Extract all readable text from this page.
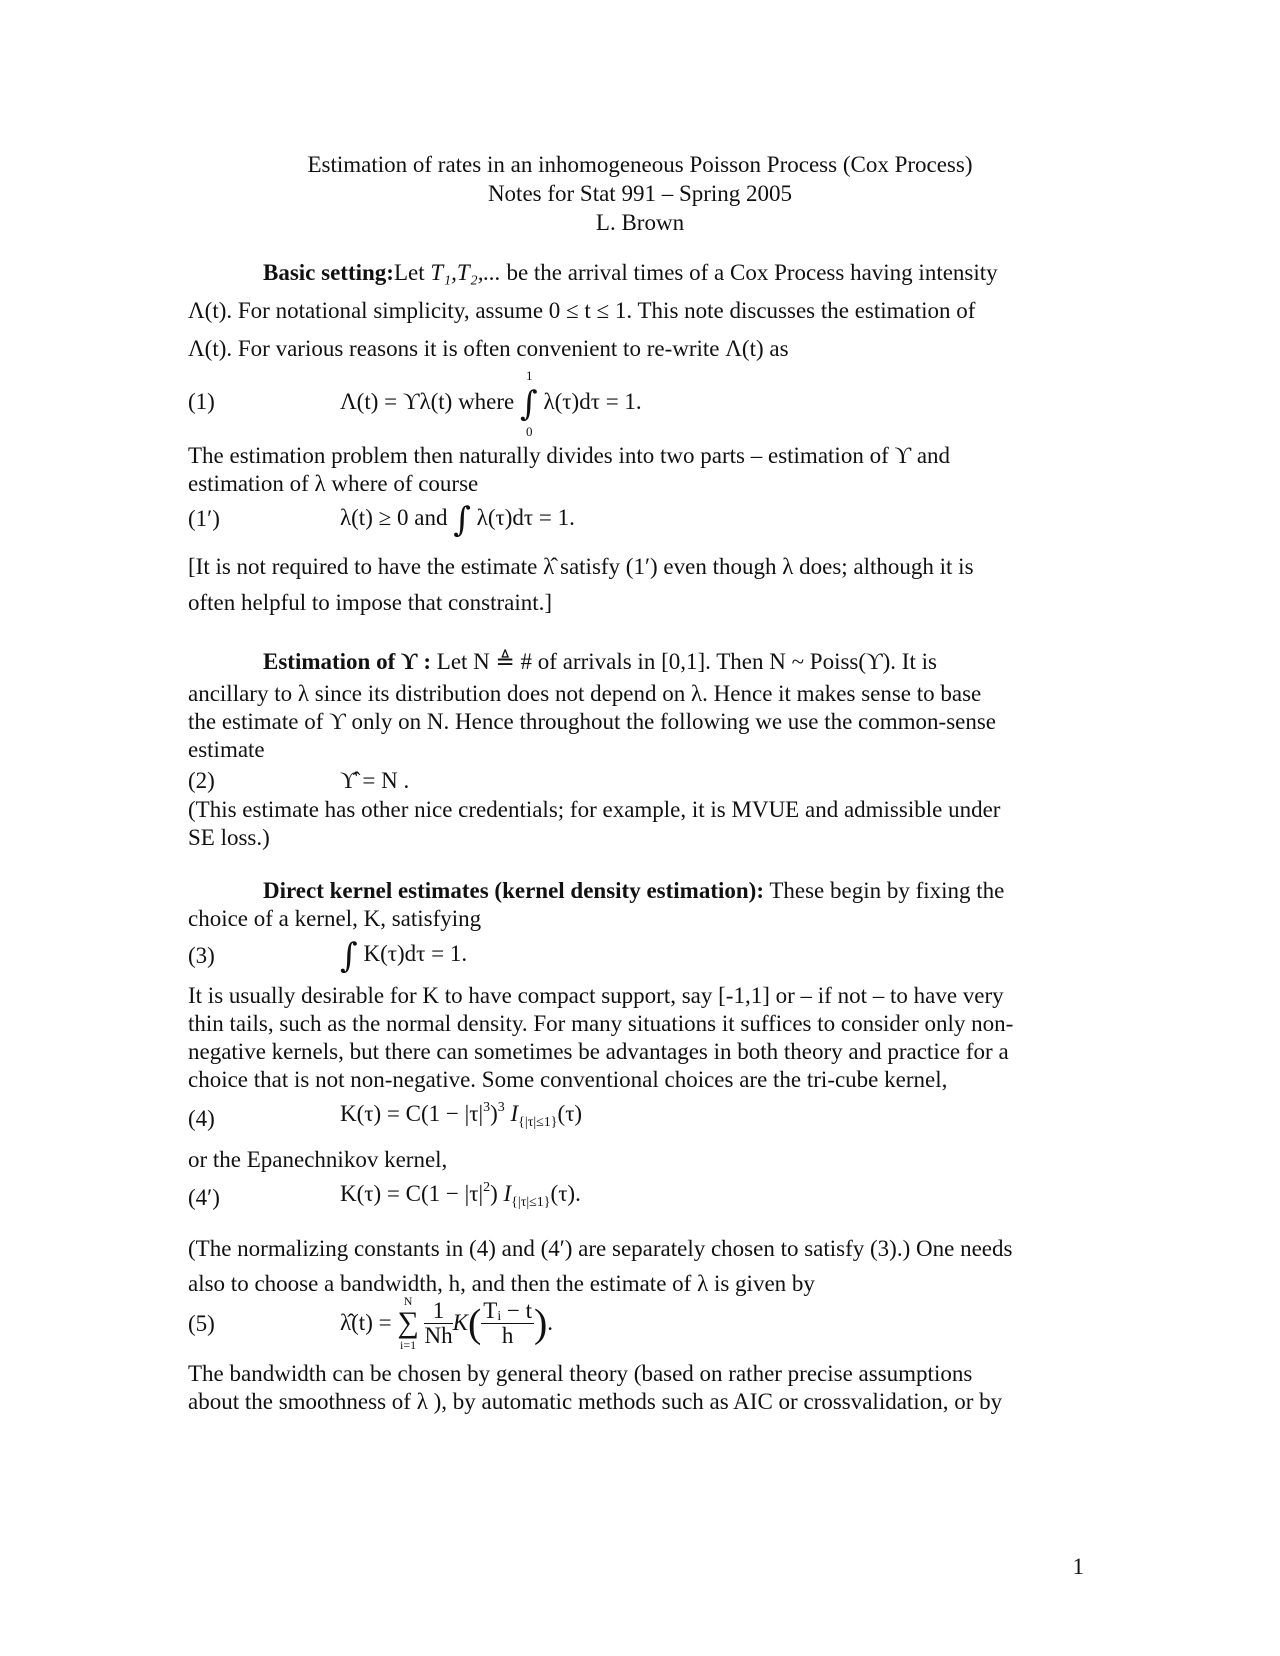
Estimation of rates in an inhomogeneous Poisson Process (Cox Process)
Notes for Stat 991 – Spring 2005
L. Brown
Basic setting:Let T₁,T₂,... be the arrival times of a Cox Process having intensity
Λ(t). For notational simplicity, assume 0 ≤ t ≤ 1. This note discusses the estimation of
Λ(t). For various reasons it is often convenient to re-write Λ(t) as
(1)	Λ(t) = ϒλ(t) where
1
∫
0
λ(τ)dτ = 1.
The estimation problem then naturally divides into two parts – estimation of ϒ and
estimation of λ where of course
(1′)	λ(t) ≥ 0 and ∫ λ(τ)dτ = 1.
[It is not required to have the estimate λ̂ satisfy (1′) even though λ does; although it is
often helpful to impose that constraint.]
Estimation of ϒ : Let N ≜ # of arrivals in [0,1]. Then N ~ Poiss(ϒ). It is
ancillary to λ since its distribution does not depend on λ. Hence it makes sense to base
the estimate of ϒ only on N. Hence throughout the following we use the common-sense
estimate
(2)	ϒ̂ = N .
(This estimate has other nice credentials; for example, it is MVUE and admissible under
SE loss.)
Direct kernel estimates (kernel density estimation): These begin by fixing the
choice of a kernel, K, satisfying
(3)	∫ K(τ)dτ = 1.
It is usually desirable for K to have compact support, say [-1,1] or – if not – to have very
thin tails, such as the normal density. For many situations it suffices to consider only non-
negative kernels, but there can sometimes be advantages in both theory and practice for a
choice that is not non-negative. Some conventional choices are the tri-cube kernel,
(4)	$K(\tau) = C(1 - |\tau|^3)^3$ $I_{\{|\tau|\le 1\}}(\tau)$
or the Epanechnikov kernel,
(4′)	$K(\tau) = C(1 - |\tau|^2)$ $I_{\{|\tau|\le 1\}}(\tau)$.
(The normalizing constants in (4) and (4′) are separately chosen to satisfy (3).) One needs
also to choose a bandwidth, h, and then the estimate of λ is given by
(5)	λ̂(t) =
N
∑
i=1
$\frac{1}{Nh} K( \frac{\text{Tᵢ − t}}{h}$ ).
The bandwidth can be chosen by general theory (based on rather precise assumptions
about the smoothness of λ ), by automatic methods such as AIC or crossvalidation, or by
1
